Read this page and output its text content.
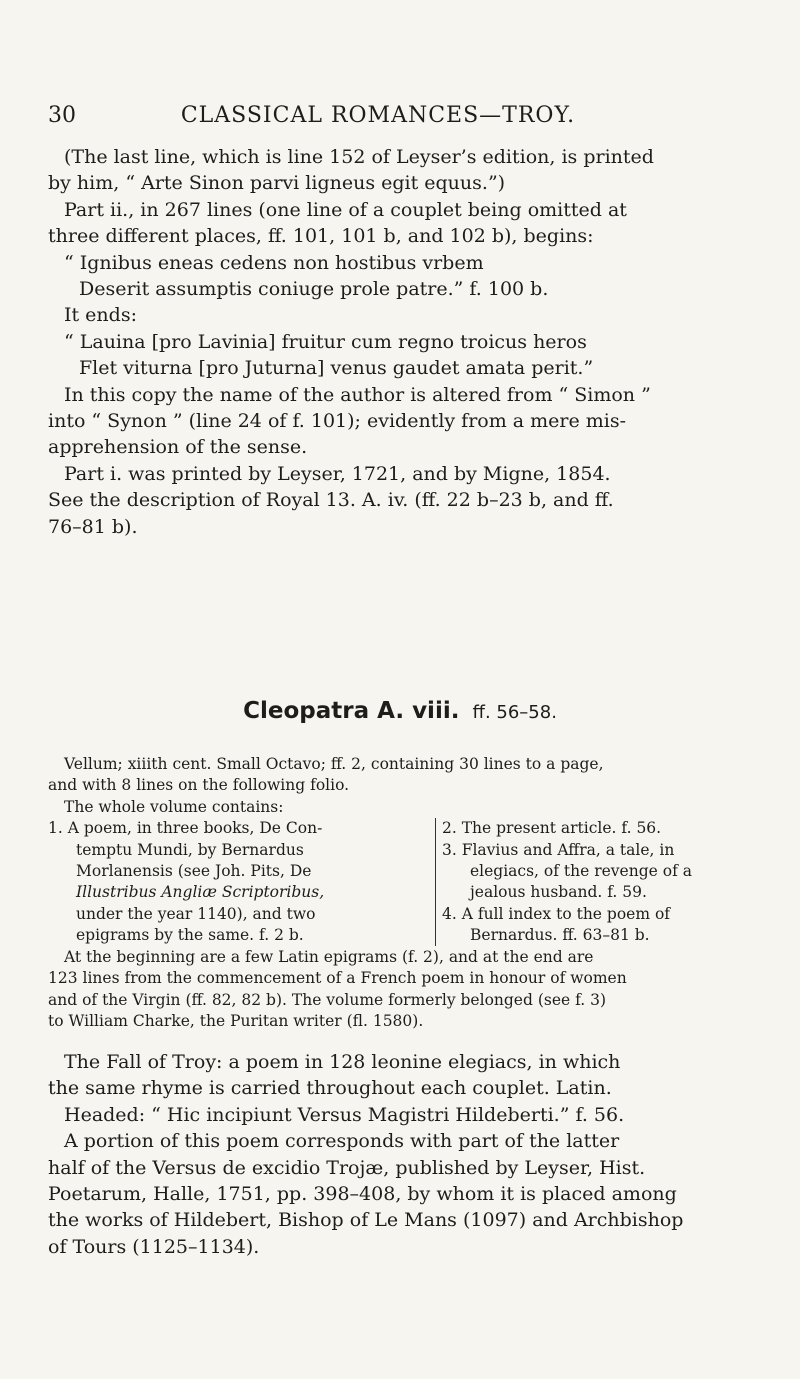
30	CLASSICAL ROMANCES—TROY.
(The last line, which is line 152 of Leyser’s edition, is printed
by him, “ Arte Sinon parvi ligneus egit equus.”)
Part ii., in 267 lines (one line of a couplet being omitted at
three different places, ff. 101, 101 b, and 102 b), begins:
“ Ignibus eneas cedens non hostibus vrbem
Deserit assumptis coniuge prole patre.” f. 100 b.
It ends:
“ Lauina [pro Lavinia] fruitur cum regno troicus heros
Flet viturna [pro Juturna] venus gaudet amata perit.”
In this copy the name of the author is altered from “ Simon ”
into “ Synon ” (line 24 of f. 101); evidently from a mere mis-
apprehension of the sense.
Part i. was printed by Leyser, 1721, and by Migne, 1854.
See the description of Royal 13. A. iv. (ff. 22 b–23 b, and ff.
76–81 b).
Cleopatra A. viii. ff. 56–58.
Vellum; xiiith cent. Small Octavo; ff. 2, containing 30 lines to a page,
and with 8 lines on the following folio.
The whole volume contains:
1. A poem, in three books, De Con-
temptu Mundi, by Bernardus
Morlanensis (see Joh. Pits, De
Illustribus Angliæ Scriptoribus,
under the year 1140), and two
epigrams by the same. f. 2 b.
2. The present article. f. 56.
3. Flavius and Affra, a tale, in
elegiacs, of the revenge of a
jealous husband. f. 59.
4. A full index to the poem of
Bernardus. ff. 63–81 b.
At the beginning are a few Latin epigrams (f. 2), and at the end are
123 lines from the commencement of a French poem in honour of women
and of the Virgin (ff. 82, 82 b). The volume formerly belonged (see f. 3)
to William Charke, the Puritan writer (fl. 1580).
The Fall of Troy: a poem in 128 leonine elegiacs, in which
the same rhyme is carried throughout each couplet. Latin.
Headed: “ Hic incipiunt Versus Magistri Hildeberti.” f. 56.
A portion of this poem corresponds with part of the latter
half of the Versus de excidio Trojæ, published by Leyser, Hist.
Poetarum, Halle, 1751, pp. 398–408, by whom it is placed among
the works of Hildebert, Bishop of Le Mans (1097) and Archbishop
of Tours (1125–1134).
